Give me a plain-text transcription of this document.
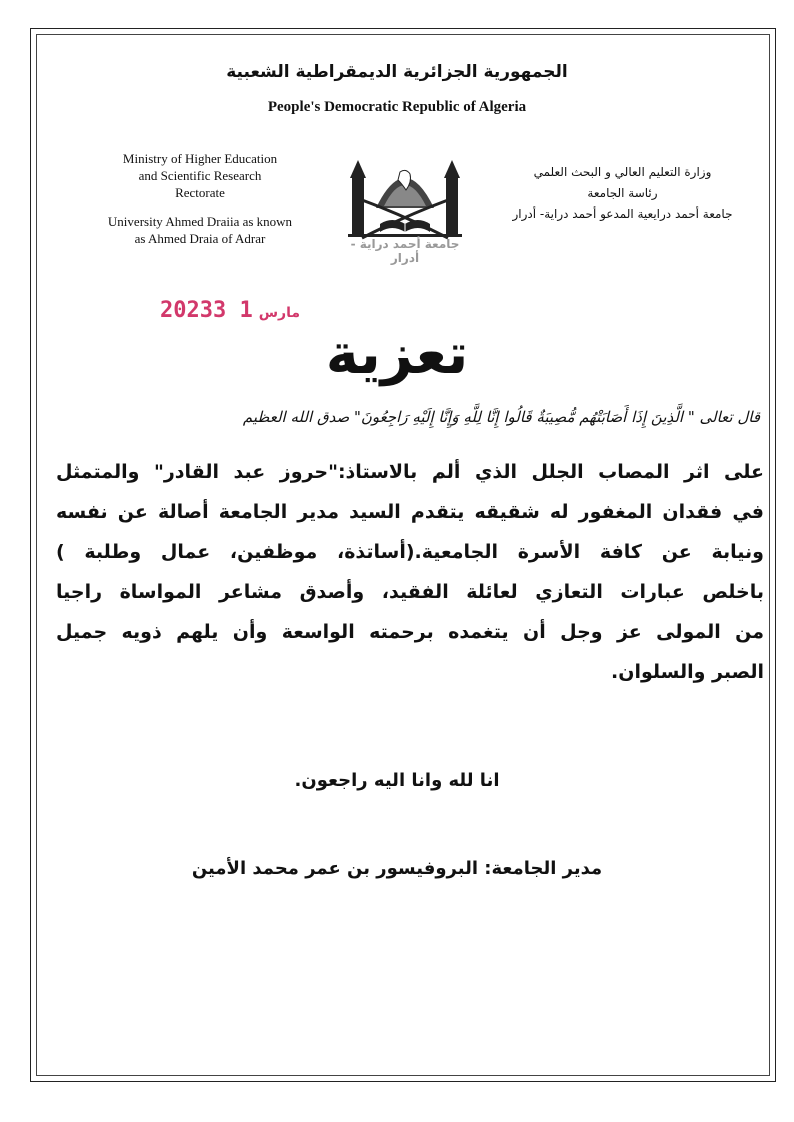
الجمهورية الجزائرية الديمقراطية الشعبية
People's Democratic Republic of Algeria
Ministry of Higher Education
and Scientific Research
Rectorate
University Ahmed Draiia as known
as Ahmed Draia of Adrar
وزارة التعليم العالي و البحث العلمي
رئاسة الجامعة
جامعة أحمد درايعية المدعو أحمد دراية- أدرار
جامعة أحمد دراية - أدرار
2023	مارس1 3
تعزية
قال تعالى " الَّذِينَ إِذَا أَصَابَتْهُم مُّصِيبَةٌ قَالُوا إِنَّا لِلَّهِ وَإِنَّا إِلَيْهِ رَاجِعُونَ" صدق الله العظيم
على اثر المصاب الجلل الذي ألم بالاستاذ:"حروز عبد القادر" والمتمثل
في فقدان المغفور له شقيقه يتقدم السيد مدير الجامعة أصالة عن نفسه
ونيابة عن كافة الأسرة الجامعية.(أساتذة، موظفين، عمال وطلبة )
باخلص عبارات التعازي لعائلة الفقيد، وأصدق مشاعر المواساة راجيا
من المولى عز وجل أن يتغمده برحمته الواسعة وأن يلهم ذويه جميل
الصبر والسلوان.
انا لله وانا اليه راجعون.
مدير الجامعة: البروفيسور بن عمر محمد الأمين
